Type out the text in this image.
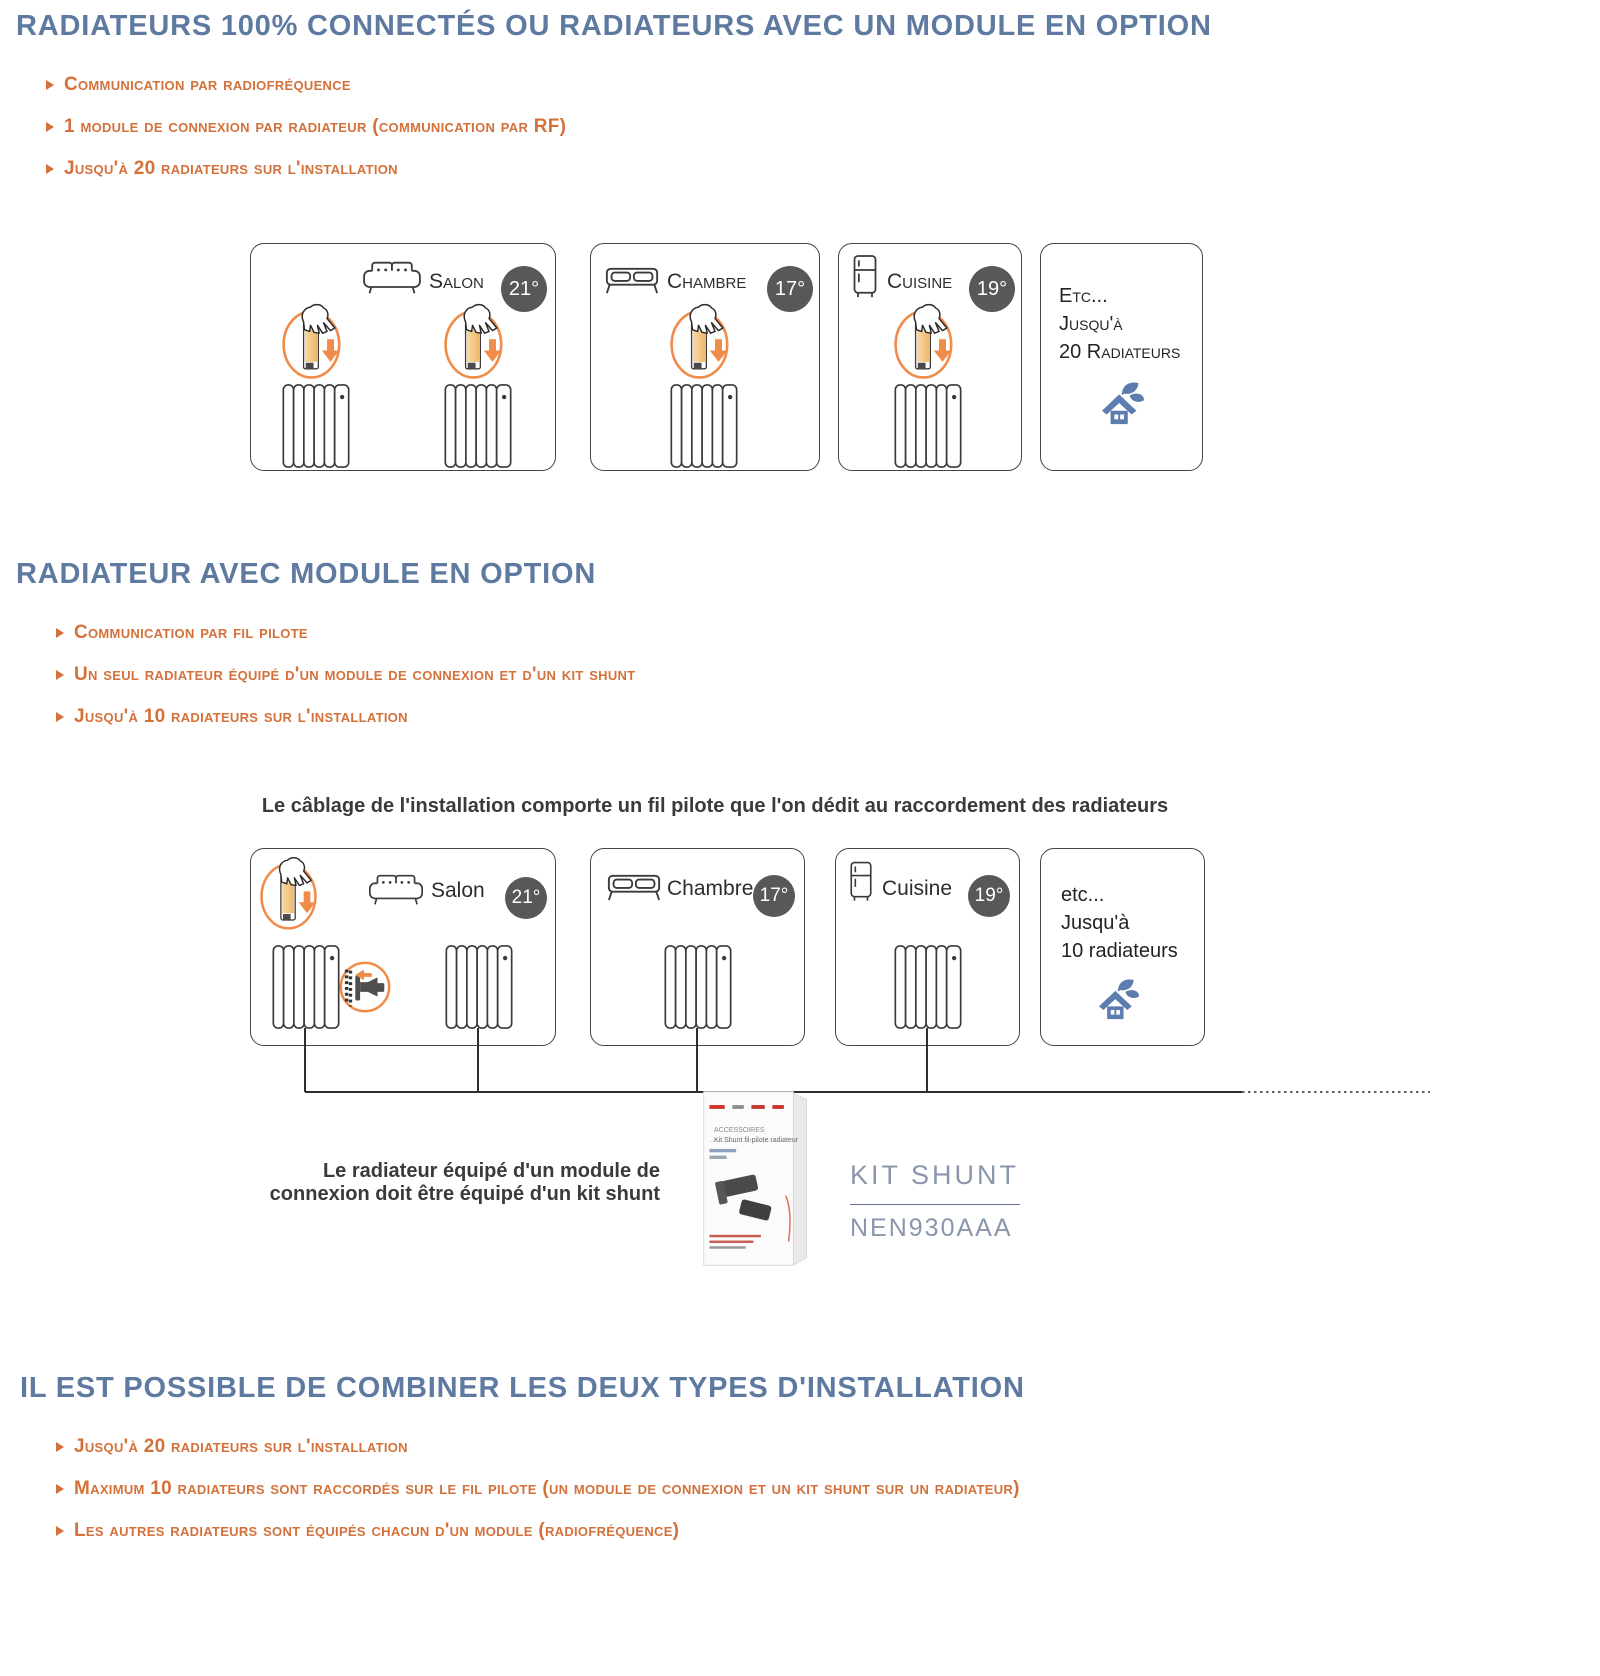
RADIATEURS 100% CONNECTÉS OU RADIATEURS AVEC UN MODULE EN OPTION
Communication par radiofréquence
1 module de connexion par radiateur (communication par RF)
Jusqu'à 20 radiateurs sur l'installation
Salon	21°	Chambre	17°	Cuisine	19°	Etc...
Jusqu'à
20 Radiateurs
RADIATEUR AVEC MODULE EN OPTION
Communication par fil pilote
Un seul radiateur équipé d'un module de connexion et d'un kit shunt
Jusqu'à 10 radiateurs sur l'installation
Le câblage de l'installation comporte un fil pilote que l'on dédit au raccordement des radiateurs
Salon	21°	Chambre 17°	Cuisine	19°	etc...
Jusqu'à
10 radiateurs
Le radiateur équipé d'un module de connexion doit être équipé d'un kit shunt
ACCESSOIRES
Kit Shunt fil-pilote radiateur
KIT SHUNT
NEN930AAA
IL EST POSSIBLE DE COMBINER LES DEUX TYPES D'INSTALLATION
Jusqu'à 20 radiateurs sur l'installation
Maximum 10 radiateurs sont raccordés sur le fil pilote (un module de connexion et un kit shunt sur un radiateur)
Les autres radiateurs sont équipés chacun d'un module (radiofréquence)
